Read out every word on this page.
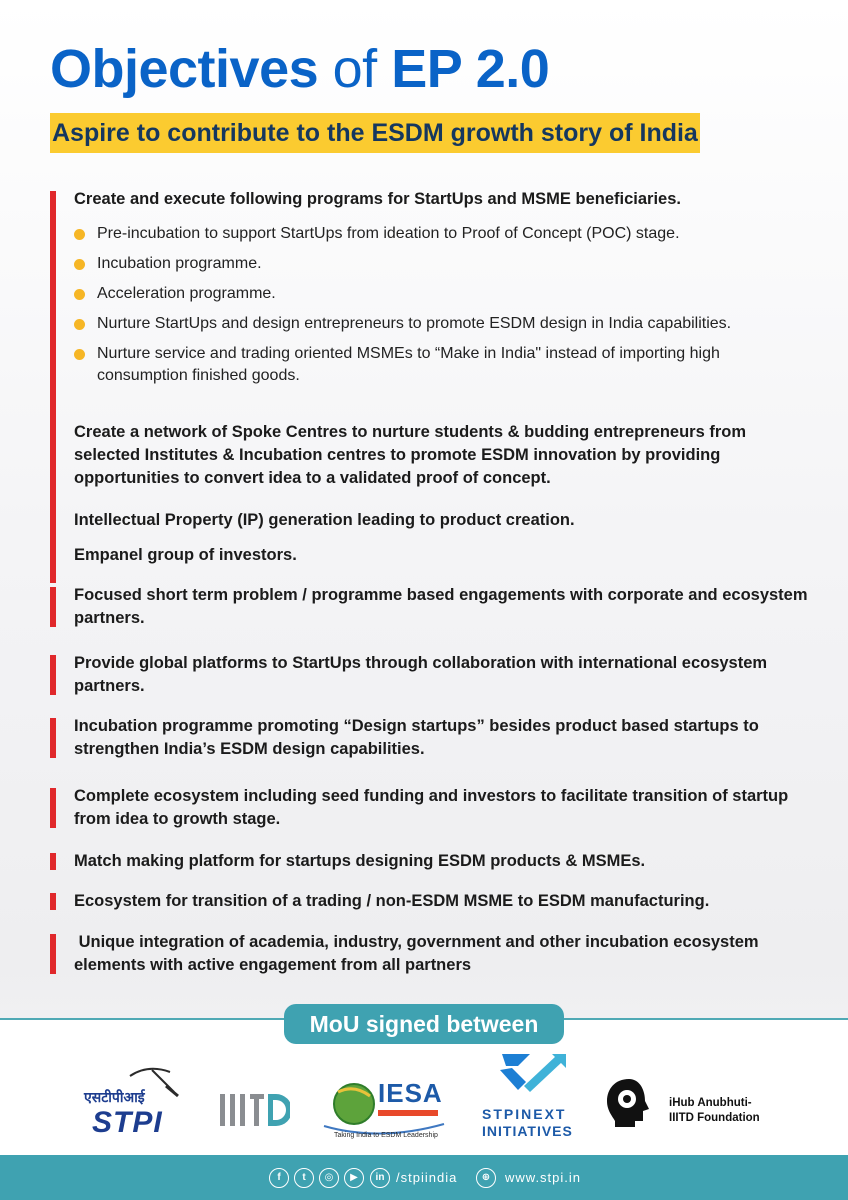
Objectives of EP 2.0
Aspire to contribute to the ESDM growth story of India
Create and execute following programs for StartUps and MSME beneficiaries.
Pre-incubation to support StartUps from ideation to Proof of Concept (POC) stage.
Incubation programme.
Acceleration programme.
Nurture StartUps and design entrepreneurs to promote ESDM design in India capabilities.
Nurture service and trading oriented MSMEs to “Make in India" instead of importing high consumption finished goods.
Create a network of Spoke Centres to nurture students & budding entrepreneurs from selected Institutes & Incubation centres to promote ESDM innovation by providing opportunities to convert idea to a validated proof of concept.
Intellectual Property (IP) generation leading to product creation.
Empanel group of investors.
Focused short term problem / programme based engagements with corporate and ecosystem partners.
Provide global platforms to StartUps through collaboration with international ecosystem partners.
Incubation programme promoting “Design startups” besides product based startups to strengthen India’s ESDM design capabilities.
Complete ecosystem including seed funding and investors to facilitate transition of startup from idea to growth stage.
Match making platform for startups designing ESDM products & MSMEs.
Ecosystem for transition of a trading / non-ESDM MSME to ESDM manufacturing.
Unique integration of academia, industry, government and other incubation ecosystem elements with active engagement from all partners
MoU signed between
एसटीपीआई
STPI
IESA
Taking India to ESDM Leadership
STPINEXT
INITIATIVES
iHub Anubhuti-
IIITD Foundation
f	t	◎	▶	in /stpiindia	⊕	www.stpi.in
